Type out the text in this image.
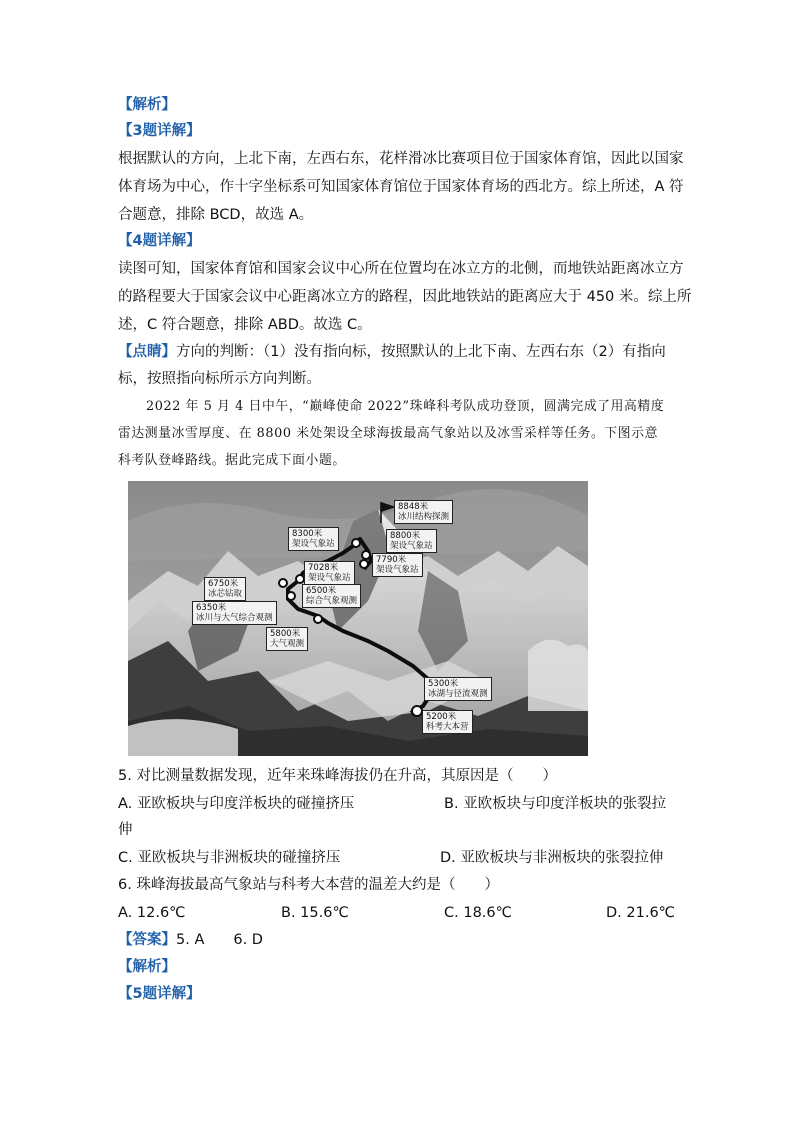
【解析】
【3题详解】
根据默认的方向，上北下南，左西右东，花样滑冰比赛项目位于国家体育馆，因此以国家
体育场为中心，作十字坐标系可知国家体育馆位于国家体育场的西北方。综上所述，A 符
合题意，排除 BCD，故选 A。
【4题详解】
读图可知，国家体育馆和国家会议中心所在位置均在冰立方的北侧，而地铁站距离冰立方
的路程要大于国家会议中心距离冰立方的路程，因此地铁站的距离应大于 450 米。综上所
述，C 符合题意，排除 ABD。故选 C。
【点睛】方向的判断：（1）没有指向标，按照默认的上北下南、左西右东（2）有指向
标，按照指向标所示方向判断。
2022 年 5 月 4 日中午，“巅峰使命 2022”珠峰科考队成功登顶，圆满完成了用高精度
雷达测量冰雪厚度、在 8800 米处架设全球海拔最高气象站以及冰雪采样等任务。下图示意
科考队登峰路线。据此完成下面小题。
8848米
冰川结构探测
8300米
架设气象站
8800米
架设气象站
7790米
架设气象站
7028米
架设气象站
6750米
冰芯钻取	6500米
综合气象观测
6350米
冰川与大气综合观测
5800米
大气观测
5300米
冰湖与径流观测
5200米
科考大本营
5. 对比测量数据发现，近年来珠峰海拔仍在升高，其原因是（　　）
A. 亚欧板块与印度洋板块的碰撞挤压	B. 亚欧板块与印度洋板块的张裂拉
伸
C. 亚欧板块与非洲板块的碰撞挤压	D. 亚欧板块与非洲板块的张裂拉伸
6. 珠峰海拔最高气象站与科考大本营的温差大约是（　　）
A. 12.6℃	B. 15.6℃	C. 18.6℃	D. 21.6℃
【答案】5. A　　6. D
【解析】
【5题详解】
